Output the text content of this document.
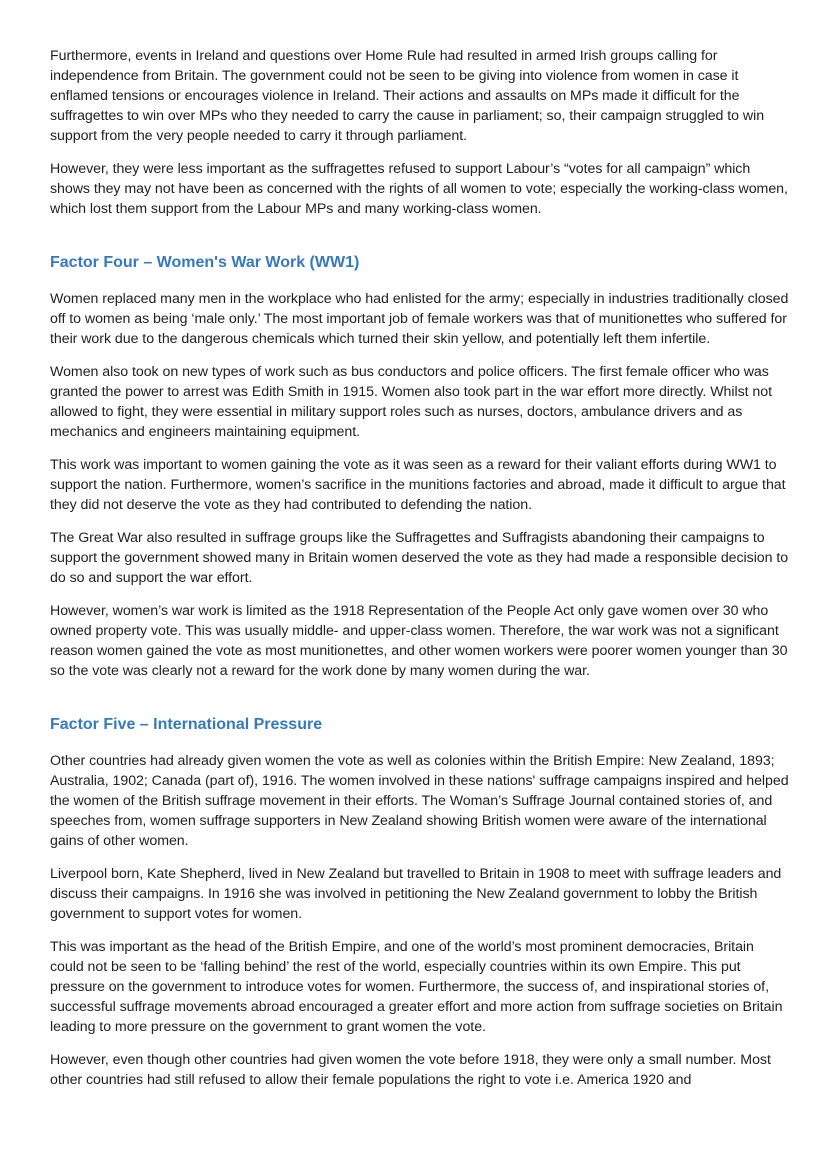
Furthermore, events in Ireland and questions over Home Rule had resulted in armed Irish groups calling for independence from Britain. The government could not be seen to be giving into violence from women in case it enflamed tensions or encourages violence in Ireland. Their actions and assaults on MPs made it difficult for the suffragettes to win over MPs who they needed to carry the cause in parliament; so, their campaign struggled to win support from the very people needed to carry it through parliament.

However, they were less important as the suffragettes refused to support Labour’s “votes for all campaign” which shows they may not have been as concerned with the rights of all women to vote; especially the working-class women, which lost them support from the Labour MPs and many working-class women.

Factor Four – Women's War Work (WW1)

Women replaced many men in the workplace who had enlisted for the army; especially in industries traditionally closed off to women as being ‘male only.’ The most important job of female workers was that of munitionettes who suffered for their work due to the dangerous chemicals which turned their skin yellow, and potentially left them infertile.

Women also took on new types of work such as bus conductors and police officers. The first female officer who was granted the power to arrest was Edith Smith in 1915. Women also took part in the war effort more directly. Whilst not allowed to fight, they were essential in military support roles such as nurses, doctors, ambulance drivers and as mechanics and engineers maintaining equipment.

This work was important to women gaining the vote as it was seen as a reward for their valiant efforts during WW1 to support the nation. Furthermore, women’s sacrifice in the munitions factories and abroad, made it difficult to argue that they did not deserve the vote as they had contributed to defending the nation.

The Great War also resulted in suffrage groups like the Suffragettes and Suffragists abandoning their campaigns to support the government showed many in Britain women deserved the vote as they had made a responsible decision to do so and support the war effort.

However, women’s war work is limited as the 1918 Representation of the People Act only gave women over 30 who owned property vote. This was usually middle- and upper-class women. Therefore, the war work was not a significant reason women gained the vote as most munitionettes, and other women workers were poorer women younger than 30 so the vote was clearly not a reward for the work done by many women during the war.

Factor Five – International Pressure

Other countries had already given women the vote as well as colonies within the British Empire: New Zealand, 1893; Australia, 1902; Canada (part of), 1916. The women involved in these nations' suffrage campaigns inspired and helped the women of the British suffrage movement in their efforts. The Woman’s Suffrage Journal contained stories of, and speeches from, women suffrage supporters in New Zealand showing British women were aware of the international gains of other women.

Liverpool born, Kate Shepherd, lived in New Zealand but travelled to Britain in 1908 to meet with suffrage leaders and discuss their campaigns. In 1916 she was involved in petitioning the New Zealand government to lobby the British government to support votes for women.

This was important as the head of the British Empire, and one of the world’s most prominent democracies, Britain could not be seen to be ‘falling behind’ the rest of the world, especially countries within its own Empire. This put pressure on the government to introduce votes for women. Furthermore, the success of, and inspirational stories of, successful suffrage movements abroad encouraged a greater effort and more action from suffrage societies on Britain leading to more pressure on the government to grant women the vote.

However, even though other countries had given women the vote before 1918, they were only a small number. Most other countries had still refused to allow their female populations the right to vote i.e. America 1920 and
